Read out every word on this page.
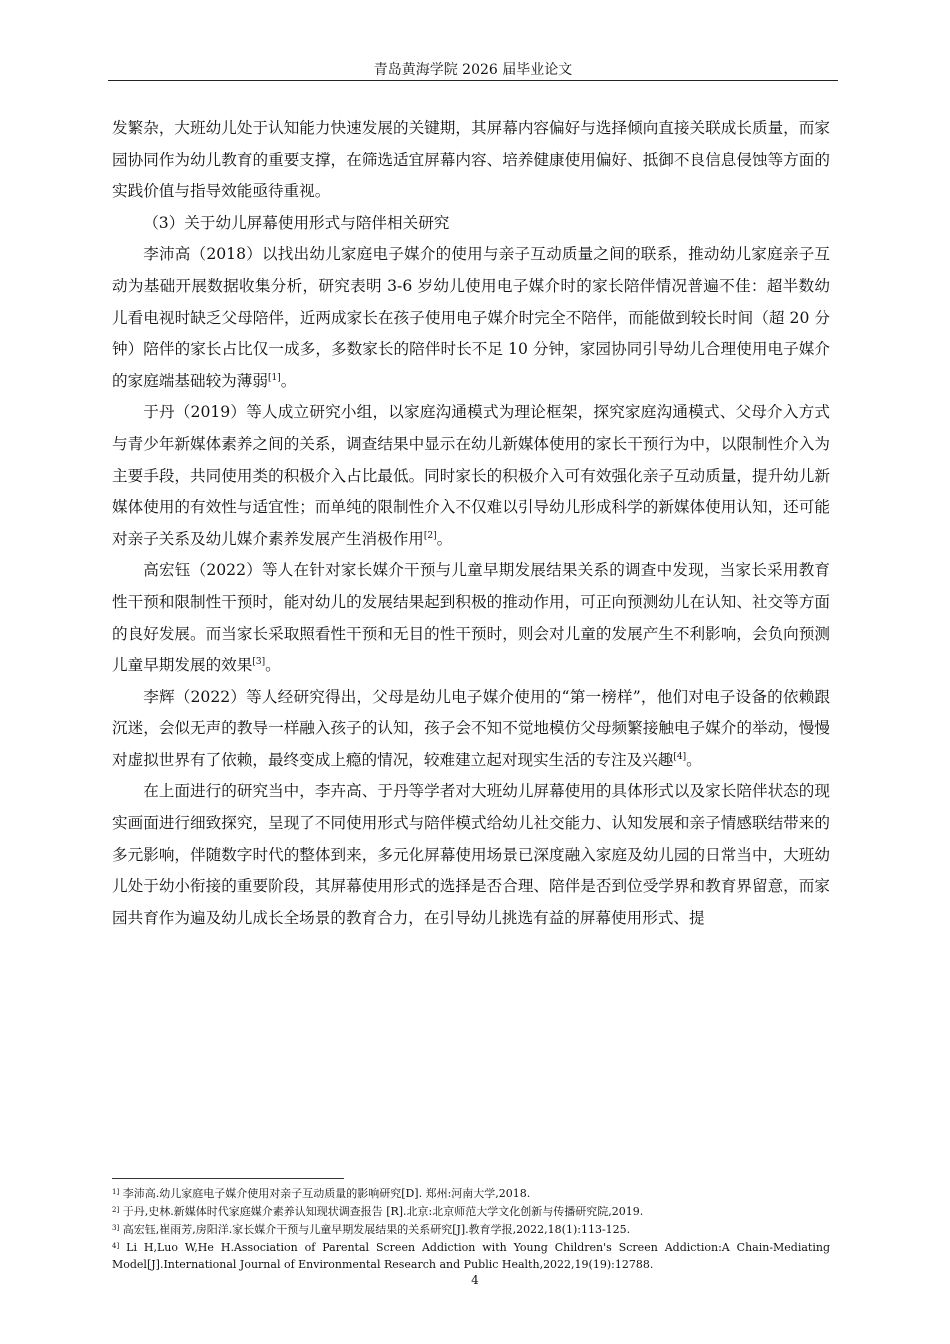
青岛黄海学院 2026 届毕业论文

发繁杂，大班幼儿处于认知能力快速发展的关键期，其屏幕内容偏好与选择倾向直接关联成长质量，而家园协同作为幼儿教育的重要支撑，在筛选适宜屏幕内容、培养健康使用偏好、抵御不良信息侵蚀等方面的实践价值与指导效能亟待重视。

（3）关于幼儿屏幕使用形式与陪伴相关研究

李沛高（2018）以找出幼儿家庭电子媒介的使用与亲子互动质量之间的联系，推动幼儿家庭亲子互动为基础开展数据收集分析，研究表明 3-6 岁幼儿使用电子媒介时的家长陪伴情况普遍不佳：超半数幼儿看电视时缺乏父母陪伴，近两成家长在孩子使用电子媒介时完全不陪伴，而能做到较长时间（超 20 分钟）陪伴的家长占比仅一成多，多数家长的陪伴时长不足 10 分钟，家园协同引导幼儿合理使用电子媒介的家庭端基础较为薄弱[1]。

于丹（2019）等人成立研究小组，以家庭沟通模式为理论框架，探究家庭沟通模式、父母介入方式与青少年新媒体素养之间的关系，调查结果中显示在幼儿新媒体使用的家长干预行为中，以限制性介入为主要手段，共同使用类的积极介入占比最低。同时家长的积极介入可有效强化亲子互动质量，提升幼儿新媒体使用的有效性与适宜性；而单纯的限制性介入不仅难以引导幼儿形成科学的新媒体使用认知，还可能对亲子关系及幼儿媒介素养发展产生消极作用[2]。

高宏钰（2022）等人在针对家长媒介干预与儿童早期发展结果关系的调查中发现，当家长采用教育性干预和限制性干预时，能对幼儿的发展结果起到积极的推动作用，可正向预测幼儿在认知、社交等方面的良好发展。而当家长采取照看性干预和无目的性干预时，则会对儿童的发展产生不利影响，会负向预测儿童早期发展的效果[3]。

李辉（2022）等人经研究得出，父母是幼儿电子媒介使用的“第一榜样”，他们对电子设备的依赖跟沉迷，会似无声的教导一样融入孩子的认知，孩子会不知不觉地模仿父母频繁接触电子媒介的举动，慢慢对虚拟世界有了依赖，最终变成上瘾的情况，较难建立起对现实生活的专注及兴趣[4]。

在上面进行的研究当中，李卉高、于丹等学者对大班幼儿屏幕使用的具体形式以及家长陪伴状态的现实画面进行细致探究，呈现了不同使用形式与陪伴模式给幼儿社交能力、认知发展和亲子情感联结带来的多元影响，伴随数字时代的整体到来，多元化屏幕使用场景已深度融入家庭及幼儿园的日常当中，大班幼儿处于幼小衔接的重要阶段，其屏幕使用形式的选择是否合理、陪伴是否到位受学界和教育界留意，而家园共育作为遍及幼儿成长全场景的教育合力，在引导幼儿挑选有益的屏幕使用形式、提

$^{1]}$ 李沛高.幼儿家庭电子媒介使用对亲子互动质量的影响研究[D]. 郑州:河南大学,2018.

$^{2]}$ 于丹,史林.新媒体时代家庭媒介素养认知现状调查报告 [R].北京:北京师范大学文化创新与传播研究院,2019.

$^{3]}$ 高宏钰,崔雨芳,房阳洋.家长媒介干预与儿童早期发展结果的关系研究[J].教育学报,2022,18(1):113-125.

$^{4]}$ Li H,Luo W,He H.Association of Parental Screen Addiction with Young Children's Screen Addiction:A Chain-Mediating Model[J].International Journal of Environmental Research and Public Health,2022,19(19):12788.

4
